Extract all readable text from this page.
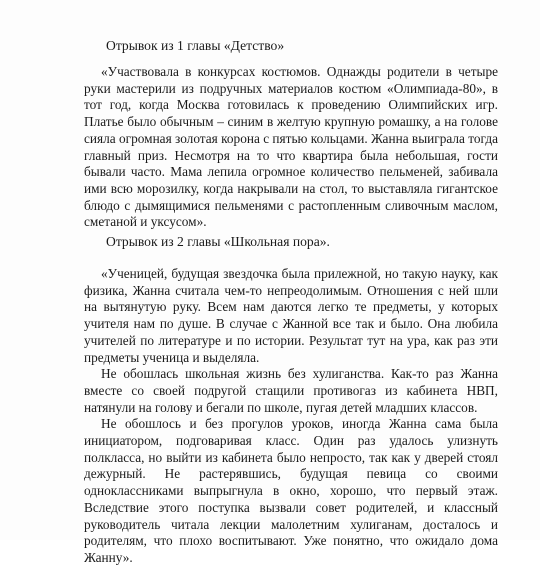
Отрывок из 1 главы «Детство»

«Участвовала в конкурсах костюмов. Однажды родители в четыре руки мастерили из подручных материалов костюм «Олимпиада-80», в тот год, когда Москва готовилась к проведению Олимпийских игр. Платье было обычным – синим в желтую крупную ромашку, а на голове сияла огромная золотая корона с пятью кольцами. Жанна выиграла тогда главный приз. Несмотря на то что квартира была небольшая, гости бывали часто. Мама лепила огромное количество пельменей, забивала ими всю морозилку, когда накрывали на стол, то выставляла гигантское блюдо с дымящимися пельменями с растопленным сливочным маслом, сметаной и уксусом».

Отрывок из 2 главы «Школьная пора».

«Ученицей, будущая звездочка была прилежной, но такую науку, как физика, Жанна считала чем-то непреодолимым. Отношения с ней шли на вытянутую руку. Всем нам даются легко те предметы, у которых учителя нам по душе. В случае с Жанной все так и было. Она любила учителей по литературе и по истории. Результат тут на ура, как раз эти предметы ученица и выделяла.

Не обошлась школьная жизнь без хулиганства. Как-то раз Жанна вместе со своей подругой стащили противогаз из кабинета НВП, натянули на голову и бегали по школе, пугая детей младших классов.

Не обошлось и без прогулов уроков, иногда Жанна сама была инициатором, подговаривая класс. Один раз удалось улизнуть полкласса, но выйти из кабинета было непросто, так как у дверей стоял дежурный. Не растерявшись, будущая певица со своими одноклассниками выпрыгнула в окно, хорошо, что первый этаж. Вследствие этого поступка вызвали совет родителей, и классный руководитель читала лекции малолетним хулиганам, досталось и родителям, что плохо воспитывают. Уже понятно, что ожидало дома Жанну».
